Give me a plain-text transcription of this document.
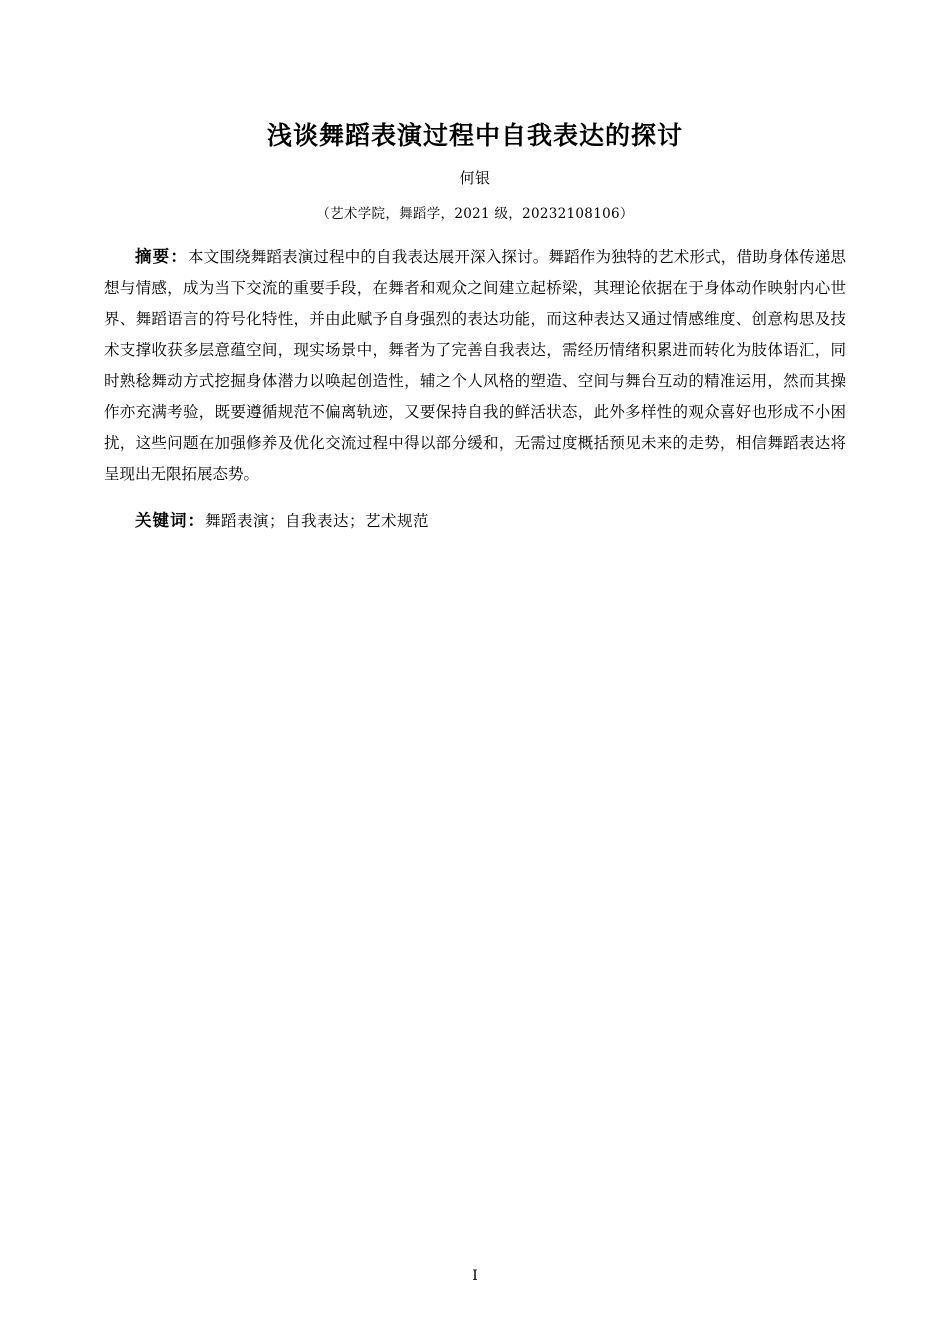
浅谈舞蹈表演过程中自我表达的探讨
何银
（艺术学院，舞蹈学，2021 级，20232108106）
摘要：本文围绕舞蹈表演过程中的自我表达展开深入探讨。舞蹈作为独特的艺术形式，借助身体传递思想与情感，成为当下交流的重要手段，在舞者和观众之间建立起桥梁，其理论依据在于身体动作映射内心世界、舞蹈语言的符号化特性，并由此赋予自身强烈的表达功能，而这种表达又通过情感维度、创意构思及技术支撑收获多层意蕴空间，现实场景中，舞者为了完善自我表达，需经历情绪积累进而转化为肢体语汇，同时熟稔舞动方式挖掘身体潜力以唤起创造性，辅之个人风格的塑造、空间与舞台互动的精准运用，然而其操作亦充满考验，既要遵循规范不偏离轨迹，又要保持自我的鲜活状态，此外多样性的观众喜好也形成不小困扰，这些问题在加强修养及优化交流过程中得以部分缓和，无需过度概括预见未来的走势，相信舞蹈表达将呈现出无限拓展态势。
关键词：舞蹈表演；自我表达；艺术规范
I
